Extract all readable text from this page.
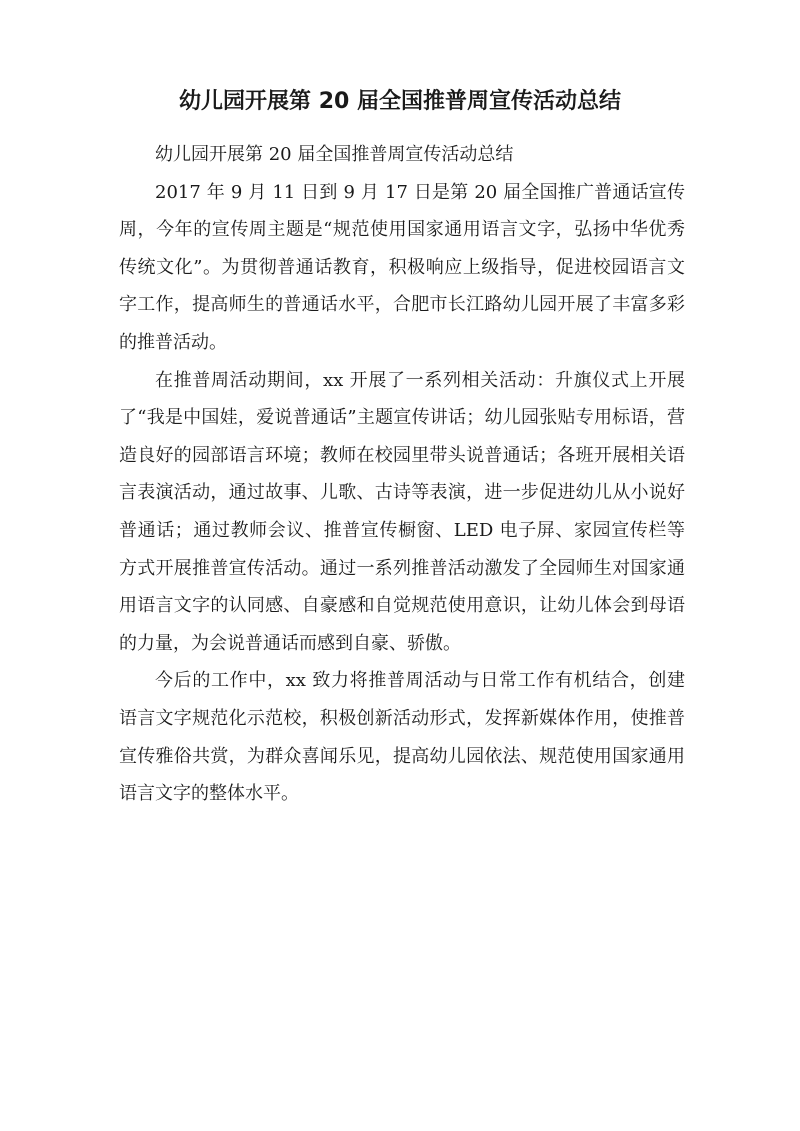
幼儿园开展第 20 届全国推普周宣传活动总结

幼儿园开展第 20 届全国推普周宣传活动总结

2017 年 9 月 11 日到 9 月 17 日是第 20 届全国推广普通话宣传周，今年的宣传周主题是“规范使用国家通用语言文字，弘扬中华优秀传统文化”。为贯彻普通话教育，积极响应上级指导，促进校园语言文字工作，提高师生的普通话水平，合肥市长江路幼儿园开展了丰富多彩的推普活动。

在推普周活动期间，xx 开展了一系列相关活动：升旗仪式上开展了“我是中国娃，爱说普通话”主题宣传讲话；幼儿园张贴专用标语，营造良好的园部语言环境；教师在校园里带头说普通话；各班开展相关语言表演活动，通过故事、儿歌、古诗等表演，进一步促进幼儿从小说好普通话；通过教师会议、推普宣传橱窗、LED 电子屏、家园宣传栏等方式开展推普宣传活动。通过一系列推普活动激发了全园师生对国家通用语言文字的认同感、自豪感和自觉规范使用意识，让幼儿体会到母语的力量，为会说普通话而感到自豪、骄傲。

今后的工作中，xx 致力将推普周活动与日常工作有机结合，创建语言文字规范化示范校，积极创新活动形式，发挥新媒体作用，使推普宣传雅俗共赏，为群众喜闻乐见，提高幼儿园依法、规范使用国家通用语言文字的整体水平。
